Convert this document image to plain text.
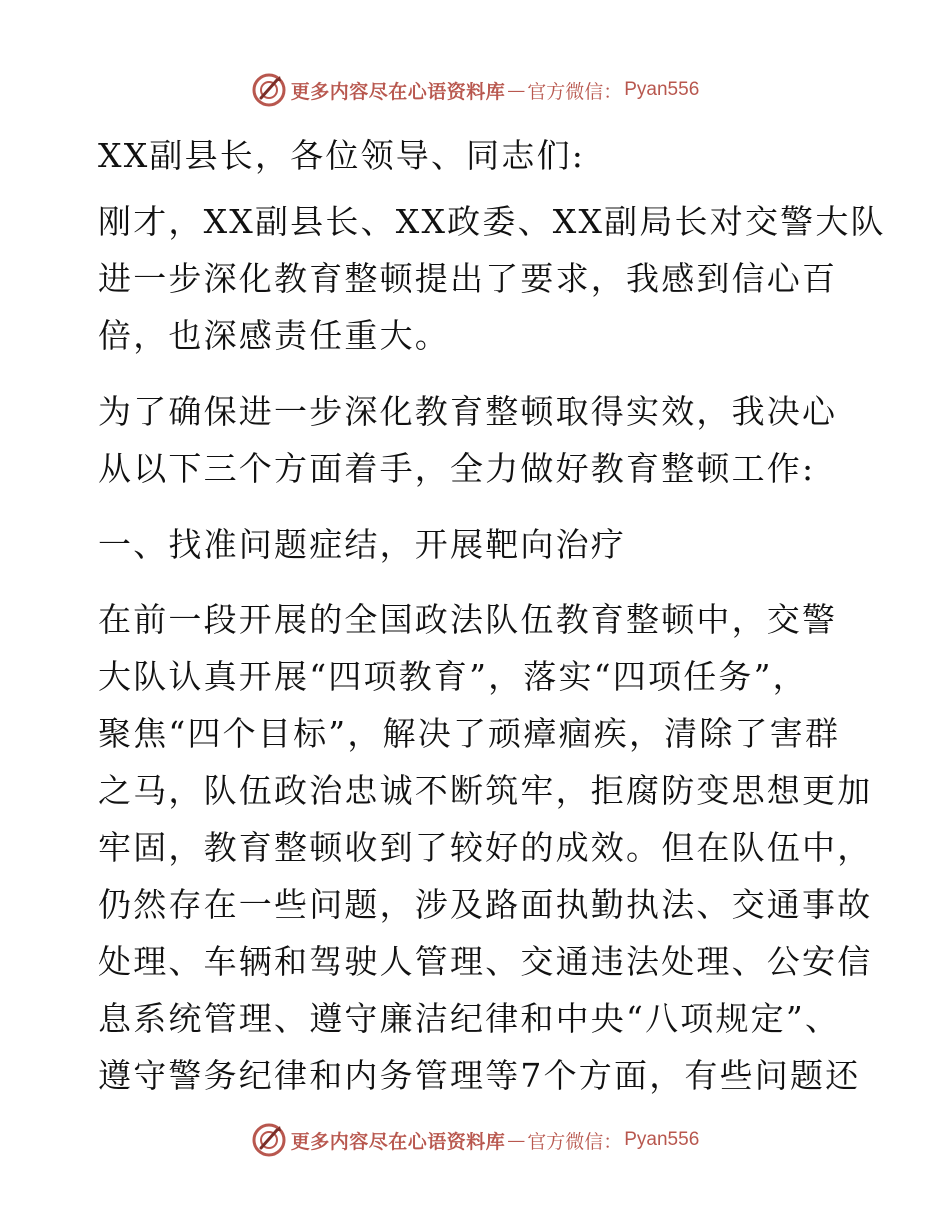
更多内容尽在心语资料库 — 官方微信： Pyan556
XX副县长，各位领导、同志们:
刚才，XX副县长、XX政委、XX副局长对交警大队
进一步深化教育整顿提出了要求，我感到信心百
倍，也深感责任重大。
为了确保进一步深化教育整顿取得实效，我决心
从以下三个方面着手，全力做好教育整顿工作:
一、找准问题症结，开展靶向治疗
在前一段开展的全国政法队伍教育整顿中，交警
大队认真开展“四项教育”，落实“四项任务”，
聚焦“四个目标”，解决了顽瘴痼疾，清除了害群
之马，队伍政治忠诚不断筑牢，拒腐防变思想更加
牢固，教育整顿收到了较好的成效。但在队伍中，
仍然存在一些问题，涉及路面执勤执法、交通事故
处理、车辆和驾驶人管理、交通违法处理、公安信
息系统管理、遵守廉洁纪律和中央“八项规定”、
遵守警务纪律和内务管理等7个方面，有些问题还
更多内容尽在心语资料库 — 官方微信： Pyan556
